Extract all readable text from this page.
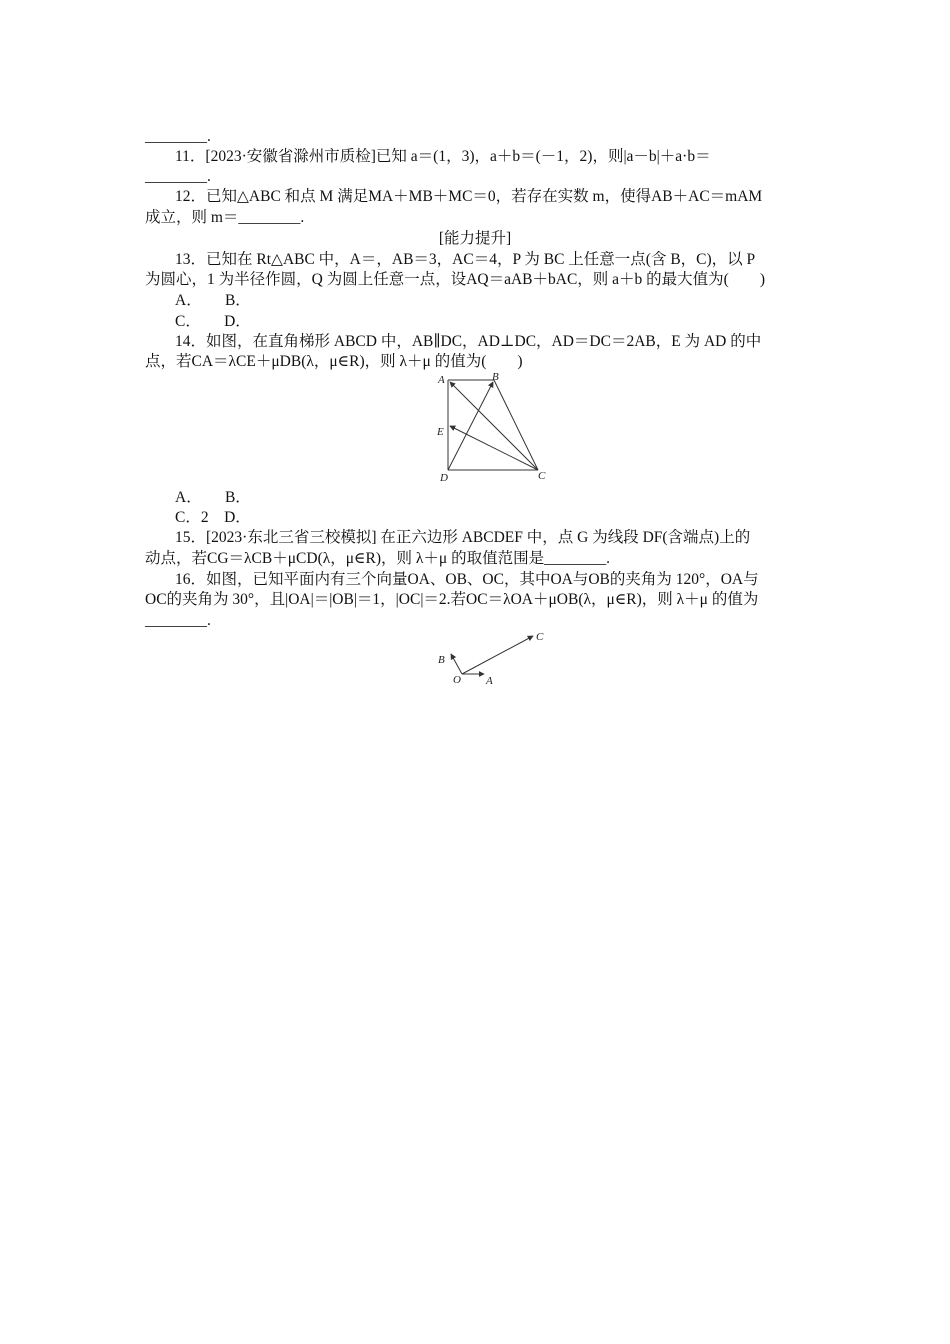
________.
11．[2023·安徽省滁州市质检]已知 a＝(1，3)，a＋b＝(－1，2)，则|a－b|＋a·b＝
________.
12．已知△ABC 和点 M 满足MA＋MB＋MC＝0，若存在实数 m，使得AB＋AC＝mAM
成立，则 m＝________.
[能力提升]
13．已知在 Rt△ABC 中，A＝，AB＝3，AC＝4，P 为 BC 上任意一点(含 B，C)，以 P
为圆心，1 为半径作圆，Q 为圆上任意一点，设AQ＝aAB＋bAC，则 a＋b 的最大值为(　　)
A．　　B．
C．　　D．
14．如图，在直角梯形 ABCD 中，AB∥DC，AD⊥DC，AD＝DC＝2AB，E 为 AD 的中
点，若CA＝λCE＋μDB(λ，μ∈R)，则 λ＋μ 的值为(　　)
A	B
E
D	C
A．　　B．
C．2　D．
15．[2023·东北三省三校模拟] 在正六边形 ABCDEF 中，点 G 为线段 DF(含端点)上的
动点，若CG＝λCB＋μCD(λ，μ∈R)，则 λ＋μ 的取值范围是________.
16．如图，已知平面内有三个向量OA、OB、OC，其中OA与OB的夹角为 120°，OA与
OC的夹角为 30°，且|OA|＝|OB|＝1，|OC|＝2.若OC＝λOA＋μOB(λ，μ∈R)，则 λ＋μ 的值为
________.
B
O A
C
